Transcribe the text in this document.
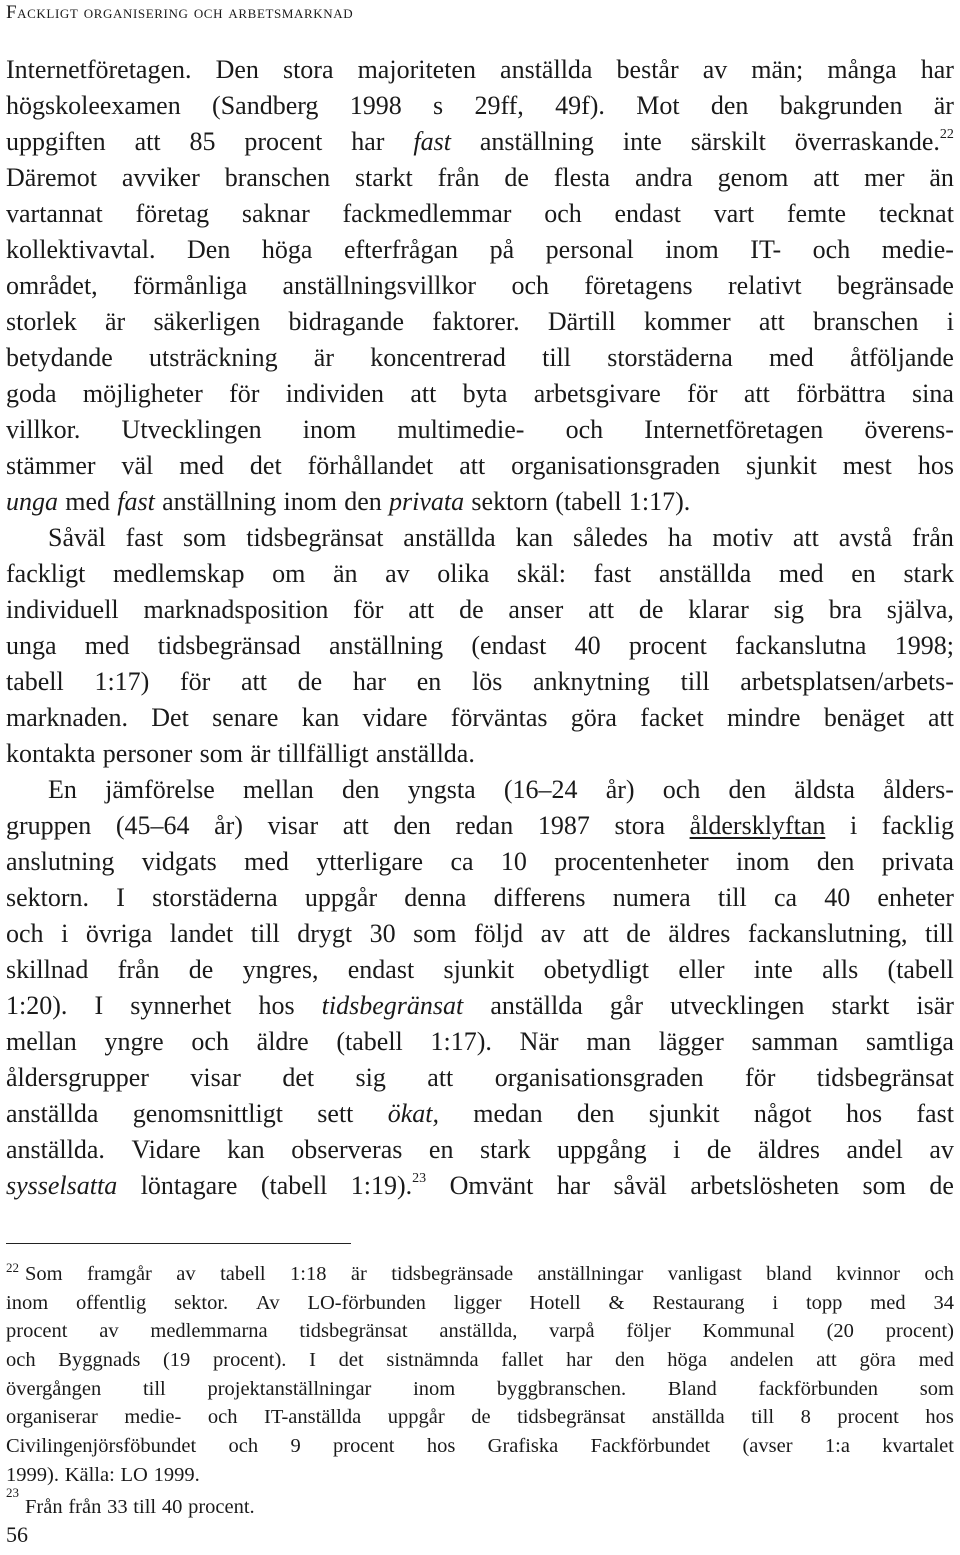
Fackligt organisering och arbetsmarknad
Internetföretagen. Den stora majoriteten anställda består av män; många har
högskoleexamen (Sandberg 1998 s 29ff, 49f). Mot den bakgrunden är
uppgiften att 85 procent har fast anställning inte särskilt överraskande.$^{22}$
Däremot avviker branschen starkt från de flesta andra genom att mer än
vartannat företag saknar fackmedlemmar och endast vart femte tecknat
kollektivavtal. Den höga efterfrågan på personal inom IT- och medie-
området, förmånliga anställningsvillkor och företagens relativt begränsade
storlek är säkerligen bidragande faktorer. Därtill kommer att branschen i
betydande utsträckning är koncentrerad till storstäderna med åtföljande
goda möjligheter för individen att byta arbetsgivare för att förbättra sina
villkor. Utvecklingen inom multimedie- och Internetföretagen överens-
stämmer väl med det förhållandet att organisationsgraden sjunkit mest hos
unga med fast anställning inom den privata sektorn (tabell 1:17).
Såväl fast som tidsbegränsat anställda kan således ha motiv att avstå från
fackligt medlemskap om än av olika skäl: fast anställda med en stark
individuell marknadsposition för att de anser att de klarar sig bra själva,
unga med tidsbegränsad anställning (endast 40 procent fackanslutna 1998;
tabell 1:17) för att de har en lös anknytning till arbetsplatsen/arbets-
marknaden. Det senare kan vidare förväntas göra facket mindre benäget att
kontakta personer som är tillfälligt anställda.
En jämförelse mellan den yngsta (16–24 år) och den äldsta ålders-
gruppen (45–64 år) visar att den redan 1987 stora åldersklyftan i facklig
anslutning vidgats med ytterligare ca 10 procentenheter inom den privata
sektorn. I storstäderna uppgår denna differens numera till ca 40 enheter
och i övriga landet till drygt 30 som följd av att de äldres fackanslutning, till
skillnad från de yngres, endast sjunkit obetydligt eller inte alls (tabell
1:20). I synnerhet hos tidsbegränsat anställda går utvecklingen starkt isär
mellan yngre och äldre (tabell 1:17). När man lägger samman samtliga
åldersgrupper visar det sig att organisationsgraden för tidsbegränsat
anställda genomsnittligt sett ökat, medan den sjunkit något hos fast
anställda. Vidare kan observeras en stark uppgång i de äldres andel av
sysselsatta löntagare (tabell 1:19).$^{23}$ Omvänt har såväl arbetslösheten som de
$^{22}$ Som framgår av tabell 1:18 är tidsbegränsade anställningar vanligast bland kvinnor och
inom offentlig sektor. Av LO-förbunden ligger Hotell & Restaurang i topp med 34
procent av medlemmarna tidsbegränsat anställda, varpå följer Kommunal (20 procent)
och Byggnads (19 procent). I det sistnämnda fallet har den höga andelen att göra med
övergången till projektanställningar inom byggbranschen. Bland fackförbunden som
organiserar medie- och IT-anställda uppgår de tidsbegränsat anställda till 8 procent hos
Civilingenjörsföbundet och 9 procent hos Grafiska Fackförbundet (avser 1:a kvartalet
1999). Källa: LO 1999.
23
Från från 33 till 40 procent.
56
